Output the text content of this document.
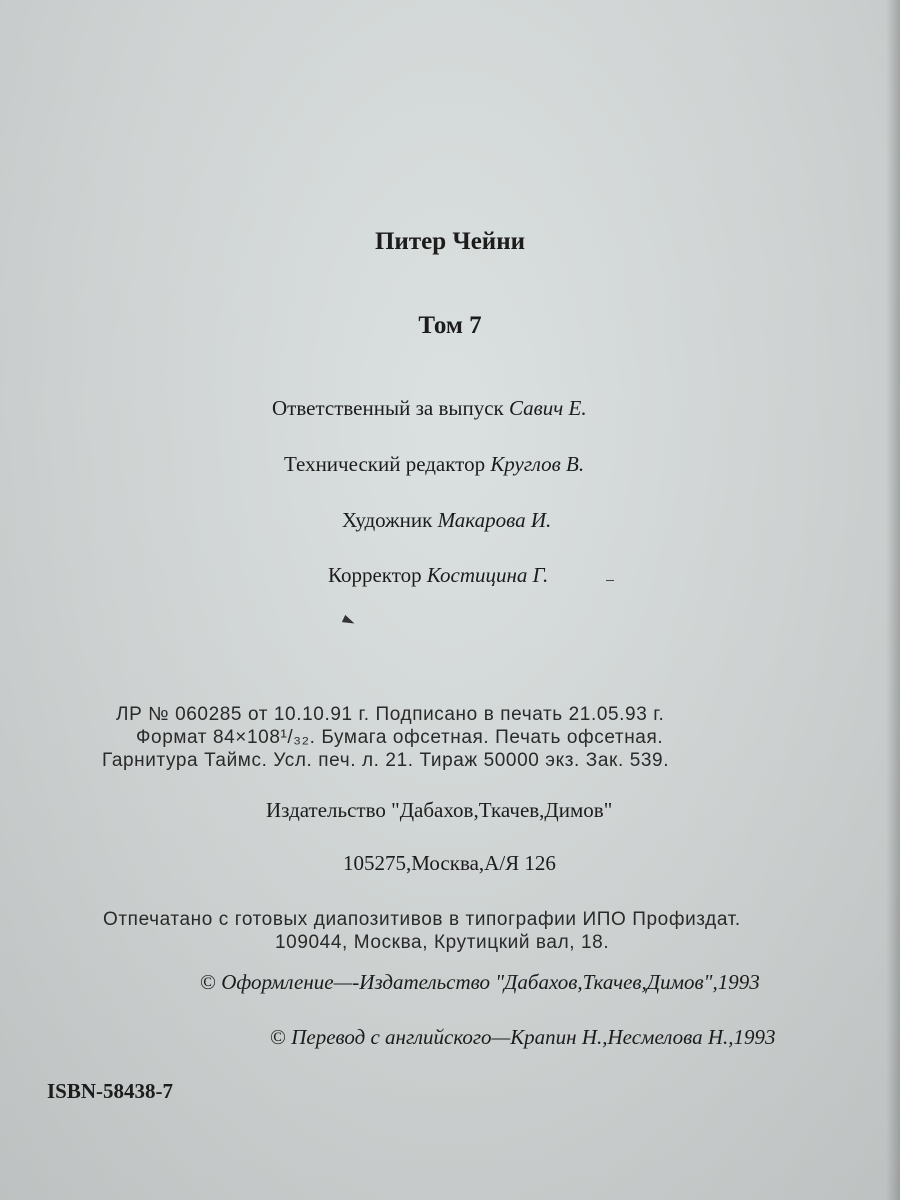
Питер Чейни
Том 7
Ответственный за выпуск Савич Е.
Технический редактор Круглов В.
Художник Макарова И.
Корректор Костицина Г.
ЛР № 060285 от 10.10.91 г. Подписано в печать 21.05.93 г.
Формат 84×108¹/₃₂. Бумага офсетная. Печать офсетная.
Гарнитура Таймс. Усл. печ. л. 21. Тираж 50000 экз. Зак. 539.
Издательство "Дабахов,Ткачев,Димов"
105275,Москва,А/Я 126
Отпечатано с готовых диапозитивов в типографии ИПО Профиздат.
109044, Москва, Крутицкий вал, 18.
© Оформление—-Издательство "Дабахов,Ткачев,Димов",1993
© Перевод с английского—Крапин Н.,Несмелова Н.,1993
ISBN-58438-7
